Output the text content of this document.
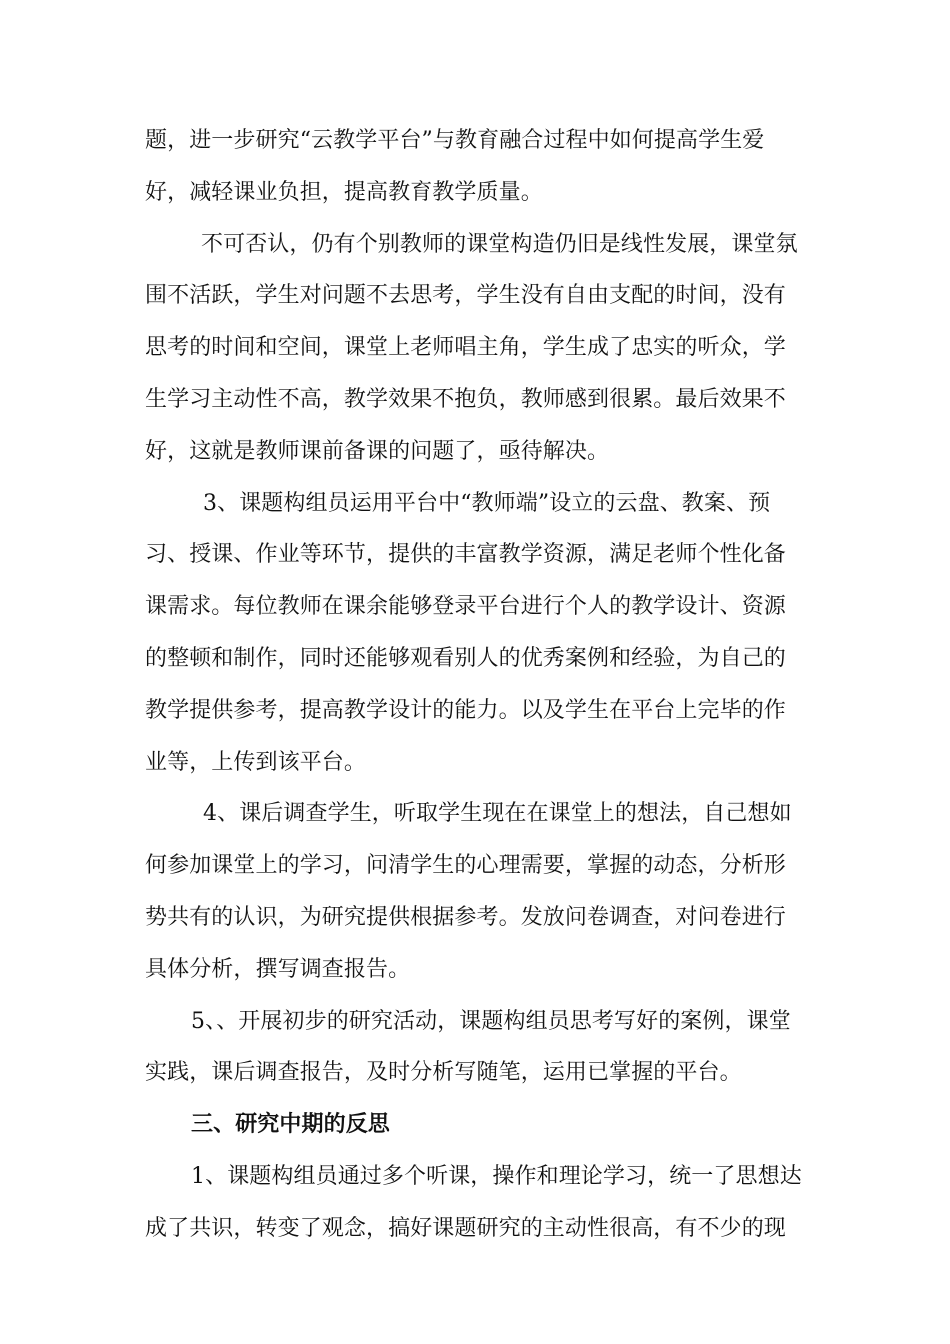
题，进一步研究“云教学平台”与教育融合过程中如何提高学生爱
好，减轻课业负担，提高教育教学质量。
不可否认，仍有个别教师的课堂构造仍旧是线性发展，课堂氛
围不活跃，学生对问题不去思考，学生没有自由支配的时间，没有
思考的时间和空间，课堂上老师唱主角，学生成了忠实的听众，学
生学习主动性不高，教学效果不抱负，教师感到很累。最后效果不
好，这就是教师课前备课的问题了，亟待解决。
3、课题构组员运用平台中“教师端”设立的云盘、教案、预
习、授课、作业等环节，提供的丰富教学资源，满足老师个性化备
课需求。每位教师在课余能够登录平台进行个人的教学设计、资源
的整顿和制作，同时还能够观看别人的优秀案例和经验，为自己的
教学提供参考，提高教学设计的能力。以及学生在平台上完毕的作
业等，上传到该平台。
4、课后调查学生，听取学生现在在课堂上的想法，自己想如
何参加课堂上的学习，问清学生的心理需要，掌握的动态，分析形
势共有的认识，为研究提供根据参考。发放问卷调查，对问卷进行
具体分析，撰写调查报告。
5、、开展初步的研究活动，课题构组员思考写好的案例，课堂
实践，课后调查报告，及时分析写随笔，运用已掌握的平台。
三、研究中期的反思
1、课题构组员通过多个听课，操作和理论学习，统一了思想达
成了共识，转变了观念，搞好课题研究的主动性很高，有不少的现
